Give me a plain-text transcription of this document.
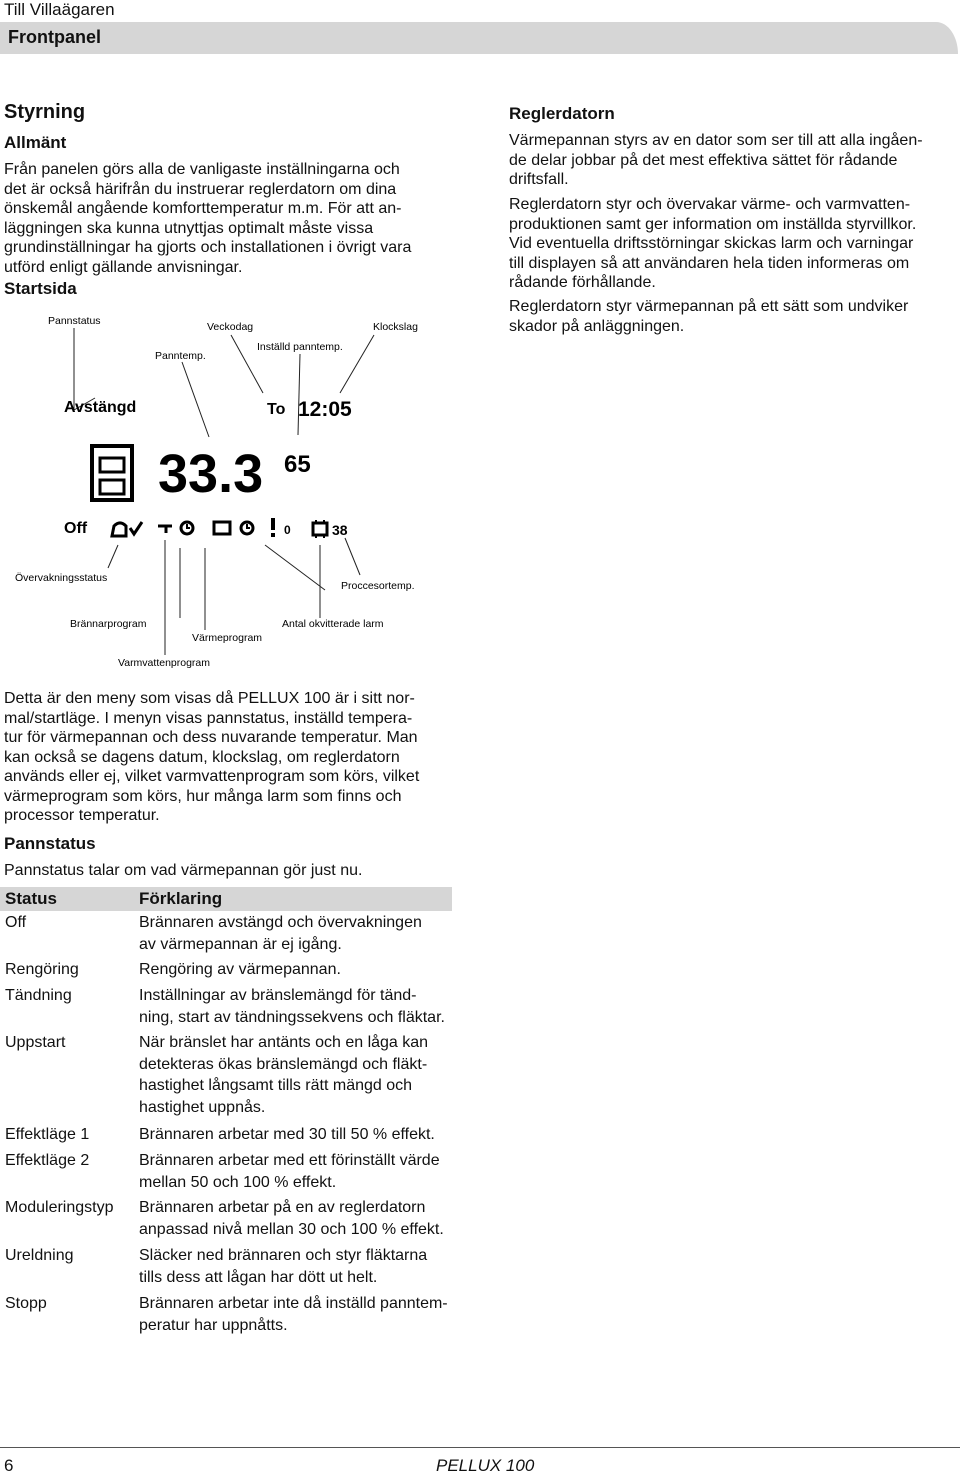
Till Villaägaren
Frontpanel
Styrning
Allmänt
Från panelen görs alla de vanligaste inställningarna och
det är också härifrån du instruerar reglerdatorn om dina
önskemål angående komforttemperatur m.m. För att an-
läggningen ska kunna utnyttjas optimalt måste vissa
grundinställningar ha gjorts och installationen i övrigt vara
utförd enligt gällande anvisningar.
Startsida
Reglerdatorn
Värmepannan styrs av en dator som ser till att alla ingåen-
de delar jobbar på det mest effektiva sättet för rådande
driftsfall.
Reglerdatorn styr och övervakar värme- och varmvatten-
produktionen samt ger information om inställda styrvillkor.
Vid eventuella driftsstörningar skickas larm och varningar
till displayen så att användaren hela tiden informeras om
rådande förhållande.
Reglerdatorn styr värmepannan på ett sätt som undviker
skador på anläggningen.
Pannstatus	Veckodag	Klockslag
Panntemp.
Inställd panntemp.
Övervakningsstatus
Proccesortemp.
Brännarprogram
Värmeprogram
Antal okvitterade larm
Varmvattenprogram
Avstängd	To 12:05
33.3 65
Off	0	38
Detta är den meny som visas då PELLUX 100 är i sitt nor-
mal/startläge. I menyn visas pannstatus, inställd tempera-
tur för värmepannan och dess nuvarande temperatur. Man
kan också se dagens datum, klockslag, om reglerdatorn
används eller ej, vilket varmvattenprogram som körs, vilket
värmeprogram som körs, hur många larm som finns och
processor temperatur.
Pannstatus
Pannstatus talar om vad värmepannan gör just nu.
Status	Förklaring
Off	Brännaren avstängd och övervakningen
av värmepannan är ej igång.
Rengöring	Rengöring av värmepannan.
Tändning	Inställningar av bränslemängd för tänd-
ning, start av tändningssekvens och fläktar.
Uppstart	När bränslet har antänts och en låga kan
detekteras ökas bränslemängd och fläkt-
hastighet långsamt tills rätt mängd och
hastighet uppnås.
Effektläge 1	Brännaren arbetar med 30 till 50 % effekt.
Effektläge 2	Brännaren arbetar med ett förinställt värde
mellan 50 och 100 % effekt.
Moduleringstyp Brännaren arbetar på en av reglerdatorn
anpassad nivå mellan 30 och 100 % effekt.
Ureldning	Släcker ned brännaren och styr fläktarna
tills dess att lågan har dött ut helt.
Stopp	Brännaren arbetar inte då inställd panntem-
peratur har uppnåtts.
6	PELLUX 100
